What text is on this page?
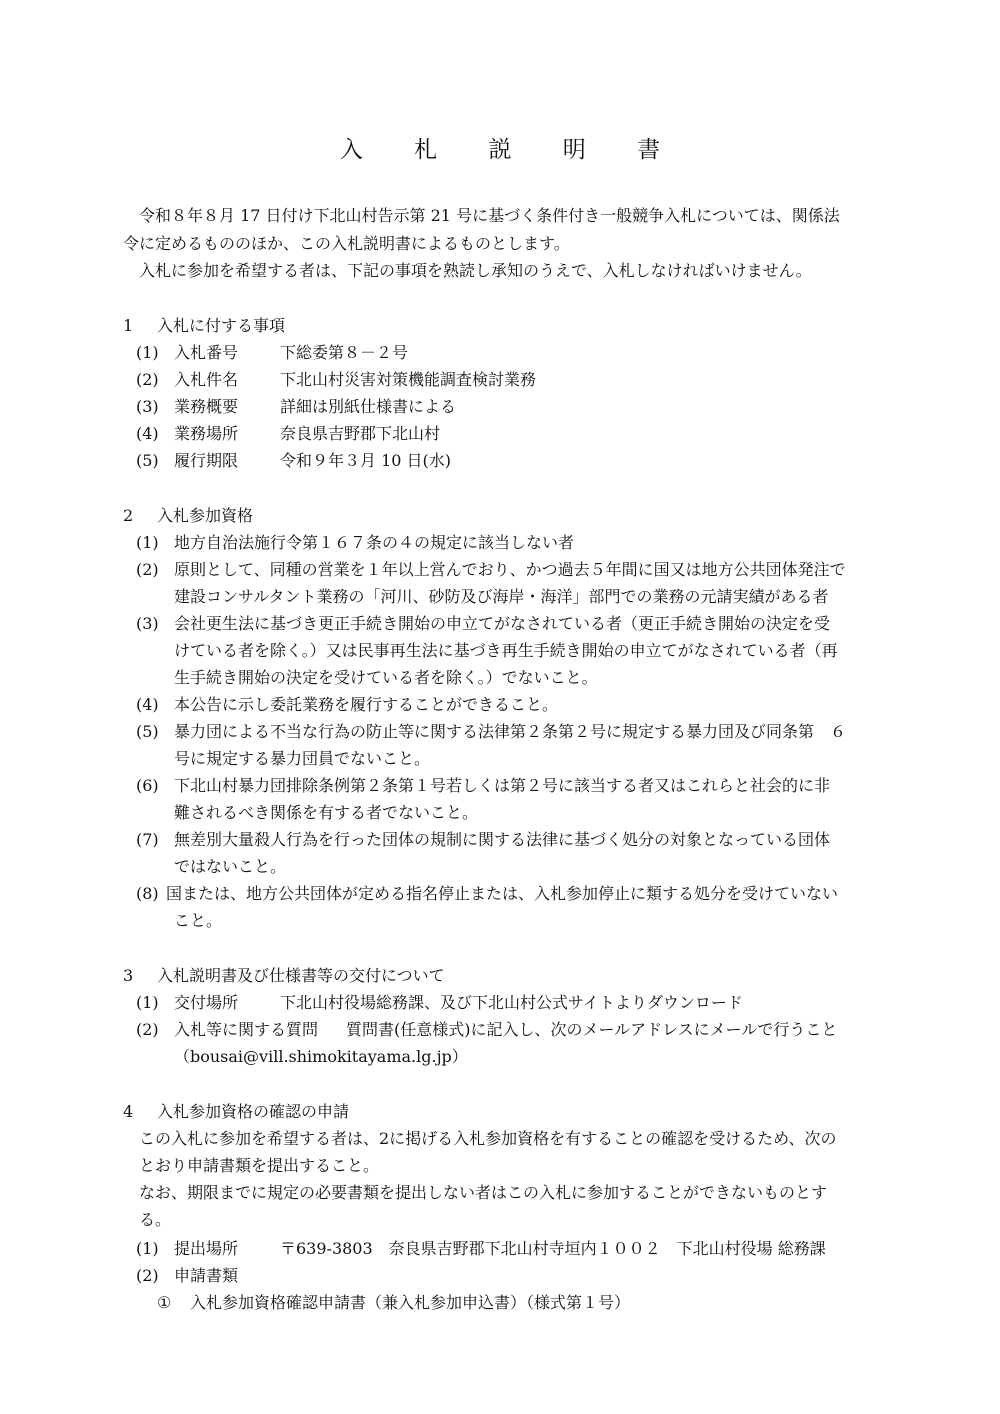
入 札 説 明 書
令和８年８月 17 日付け下北山村告示第 21 号に基づく条件付き一般競争入札については、関係法
令に定めるもののほか、この入札説明書によるものとします。
入札に参加を希望する者は、下記の事項を熟読し承知のうえで、入札しなければいけません。
1 入札に付する事項
(1) 入札番号	下総委第８－２号
(2) 入札件名	下北山村災害対策機能調査検討業務
(3) 業務概要	詳細は別紙仕様書による
(4) 業務場所	奈良県吉野郡下北山村
(5) 履行期限	令和９年３月 10 日(水)
2 入札参加資格
(1) 地方自治法施行令第１６７条の４の規定に該当しない者
(2) 原則として、同種の営業を１年以上営んでおり、かつ過去５年間に国又は地方公共団体発注で
建設コンサルタント業務の「河川、砂防及び海岸・海洋」部門での業務の元請実績がある者
(3) 会社更生法に基づき更正手続き開始の申立てがなされている者（更正手続き開始の決定を受
けている者を除く。）又は民事再生法に基づき再生手続き開始の申立てがなされている者（再
生手続き開始の決定を受けている者を除く。）でないこと。
(4) 本公告に示し委託業務を履行することができること。
(5) 暴力団による不当な行為の防止等に関する法律第２条第２号に規定する暴力団及び同条第　６
号に規定する暴力団員でないこと。
(6) 下北山村暴力団排除条例第２条第１号若しくは第２号に該当する者又はこれらと社会的に非
難されるべき関係を有する者でないこと。
(7) 無差別大量殺人行為を行った団体の規制に関する法律に基づく処分の対象となっている団体
ではないこと。
(8) 国または、地方公共団体が定める指名停止または、入札参加停止に類する処分を受けていない
こと。
3 入札説明書及び仕様書等の交付について
(1) 交付場所	下北山村役場総務課、及び下北山村公式サイトよりダウンロード
(2) 入札等に関する質問 質問書(任意様式)に記入し、次のメールアドレスにメールで行うこと
（bousai@vill.shimokitayama.lg.jp）
4 入札参加資格の確認の申請
この入札に参加を希望する者は、2に掲げる入札参加資格を有することの確認を受けるため、次の
とおり申請書類を提出すること。
なお、期限までに規定の必要書類を提出しない者はこの入札に参加することができないものとす
る。
(1) 提出場所	〒639-3803　奈良県吉野郡下北山村寺垣内１００２　下北山村役場 総務課
(2) 申請書類
① 入札参加資格確認申請書（兼入札参加申込書）（様式第１号）
